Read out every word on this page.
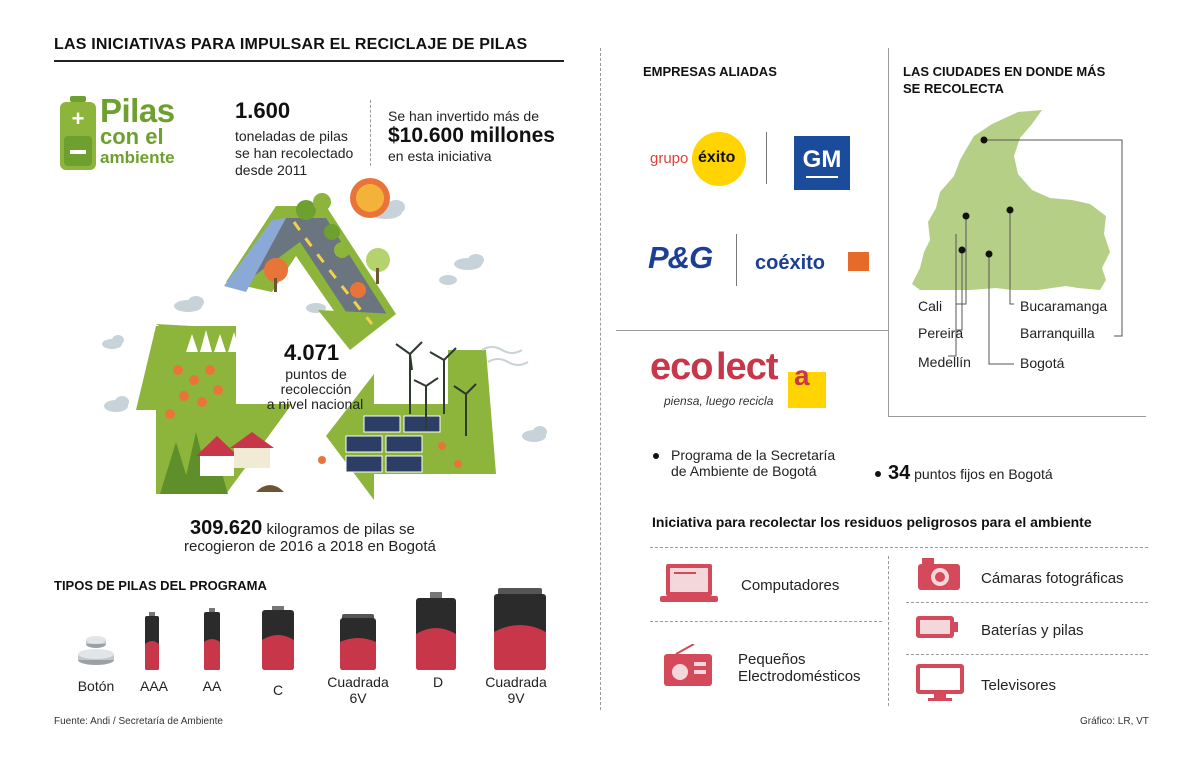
LAS INICIATIVAS PARA IMPULSAR EL RECICLAJE DE PILAS
+ Pilas
con el
ambiente
1.600
toneladas de pilas
se han recolectado
desde 2011
Se han invertido más de
$10.600 millones
en esta iniciativa
4.071
puntos de
recolección
a nivel nacional
309.620 kilogramos de pilas se
recogieron de 2016 a 2018 en Bogotá
TIPOS DE PILAS DEL PROGRAMA
Botón	AAA	AA	C	Cuadrada
6V
D	Cuadrada
9V
Fuente: Andi / Secretaría de Ambiente	Gráfico: LR, VT
EMPRESAS ALIADAS
grupo éxito	GM
P&G coéxito
LAS CIUDADES EN DONDE MÁS
SE RECOLECTA
Cali
Pereira
Medellín
Bucaramanga
Barranquilla
Bogotá
eco lect a
piensa, luego recicla
Programa de la Secretaría
de Ambiente de Bogotá	34 puntos fijos en Bogotá
Iniciativa para recolectar los residuos peligrosos para el ambiente
Computadores	Cámaras fotográficas
Pequeños
Electrodomésticos
Baterías y pilas
Televisores
